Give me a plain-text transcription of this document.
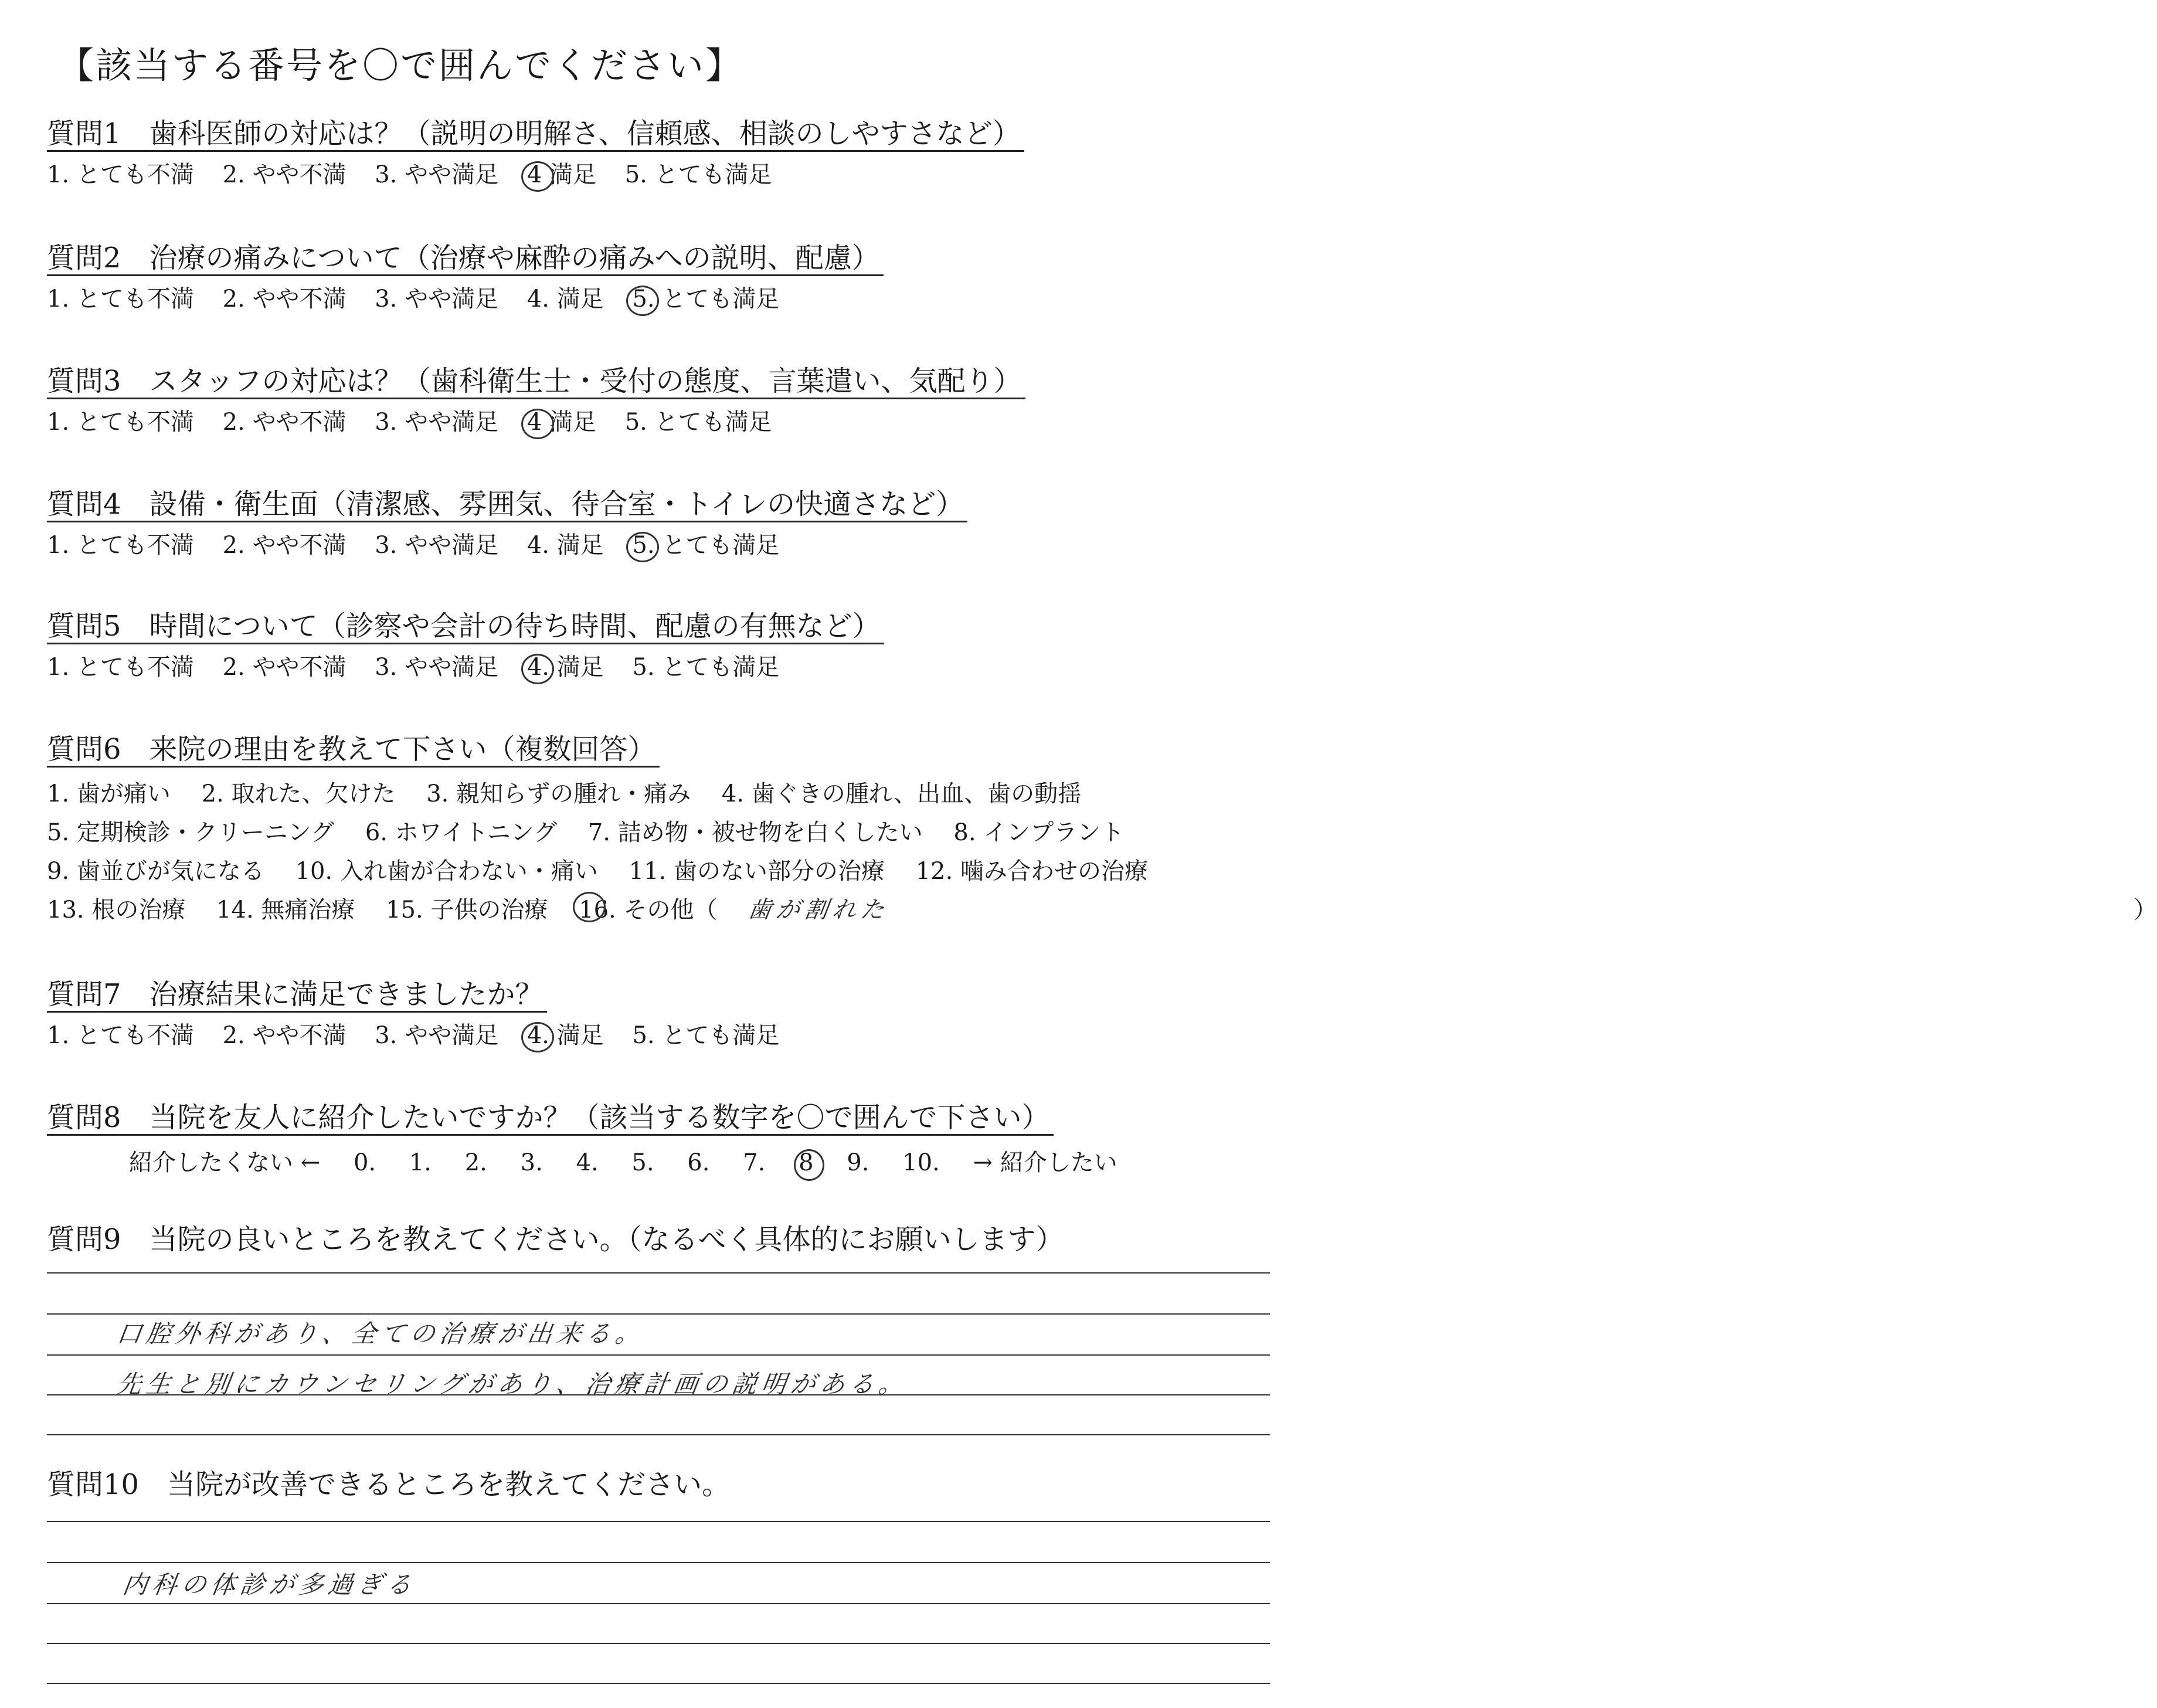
【該当する番号を〇で囲んでください】
質問1　歯科医師の対応は？（説明の明解さ、信頼感、相談のしやすさなど）
1. とても不満 2. やや不満 3. やや満足 4 満足 5. とても満足
質問2　治療の痛みについて（治療や麻酔の痛みへの説明、配慮）
1. とても不満 2. やや不満 3. やや満足 4. 満足 5. とても満足
質問3　スタッフの対応は？（歯科衛生士・受付の態度、言葉遣い、気配り）
1. とても不満 2. やや不満 3. やや満足 4 満足 5. とても満足
質問4　設備・衛生面（清潔感、雰囲気、待合室・トイレの快適さなど）
1. とても不満 2. やや不満 3. やや満足 4. 満足 5. とても満足
質問5　時間について（診察や会計の待ち時間、配慮の有無など）
1. とても不満 2. やや不満 3. やや満足 4. 満足 5. とても満足
質問6　来院の理由を教えて下さい（複数回答）
1. 歯が痛い 2. 取れた、欠けた 3. 親知らずの腫れ・痛み 4. 歯ぐきの腫れ、出血、歯の動揺
5. 定期検診・クリーニング 6. ホワイトニング 7. 詰め物・被せ物を白くしたい 8. インプラント
9. 歯並びが気になる 10. 入れ歯が合わない・痛い 11. 歯のない部分の治療 12. 噛み合わせの治療
13. 根の治療 14. 無痛治療 15. 子供の治療 16. その他（ 歯が割れた	）
質問7　治療結果に満足できましたか？
1. とても不満 2. やや不満 3. やや満足 4. 満足 5. とても満足
質問8　当院を友人に紹介したいですか？（該当する数字を〇で囲んで下さい）
紹介したくない ← 0. 1. 2. 3. 4. 5. 6. 7. 8 9. 10. → 紹介したい
質問9　当院の良いところを教えてください。（なるべく具体的にお願いします）
口腔外科があり、全ての治療が出来る。
先生と別にカウンセリングがあり、治療計画の説明がある。
質問10　当院が改善できるところを教えてください。
内科の体診が多過ぎる
